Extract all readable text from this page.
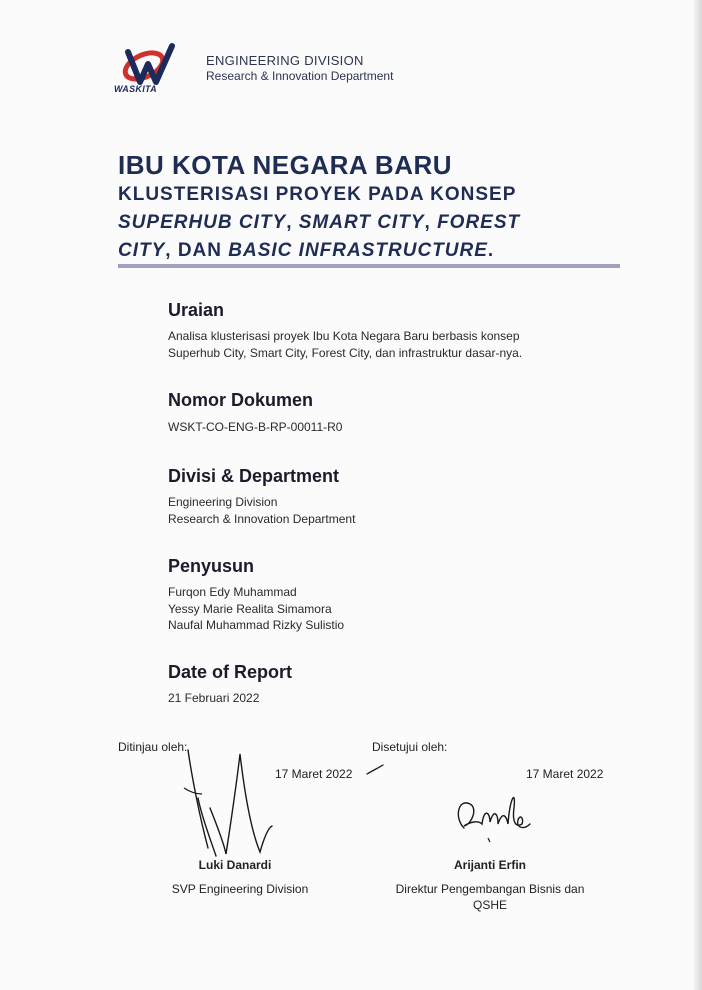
WASKITA
ENGINEERING DIVISION
Research & Innovation Department
IBU KOTA NEGARA BARU
KLUSTERISASI PROYEK PADA KONSEP
SUPERHUB CITY, SMART CITY, FOREST
CITY, DAN BASIC INFRASTRUCTURE.
Uraian
Analisa klusterisasi proyek Ibu Kota Negara Baru berbasis konsep
Superhub City, Smart City, Forest City, dan infrastruktur dasar-nya.
Nomor Dokumen
WSKT-CO-ENG-B-RP-00011-R0
Divisi & Department
Engineering Division
Research & Innovation Department
Penyusun
Furqon Edy Muhammad
Yessy Marie Realita Simamora
Naufal Muhammad Rizky Sulistio
Date of Report
21 Februari 2022
Ditinjau oleh:
17 Maret 2022
Luki Danardi
SVP Engineering Division
Disetujui oleh:
17 Maret 2022
Arijanti Erfin
Direktur Pengembangan Bisnis dan
QSHE
